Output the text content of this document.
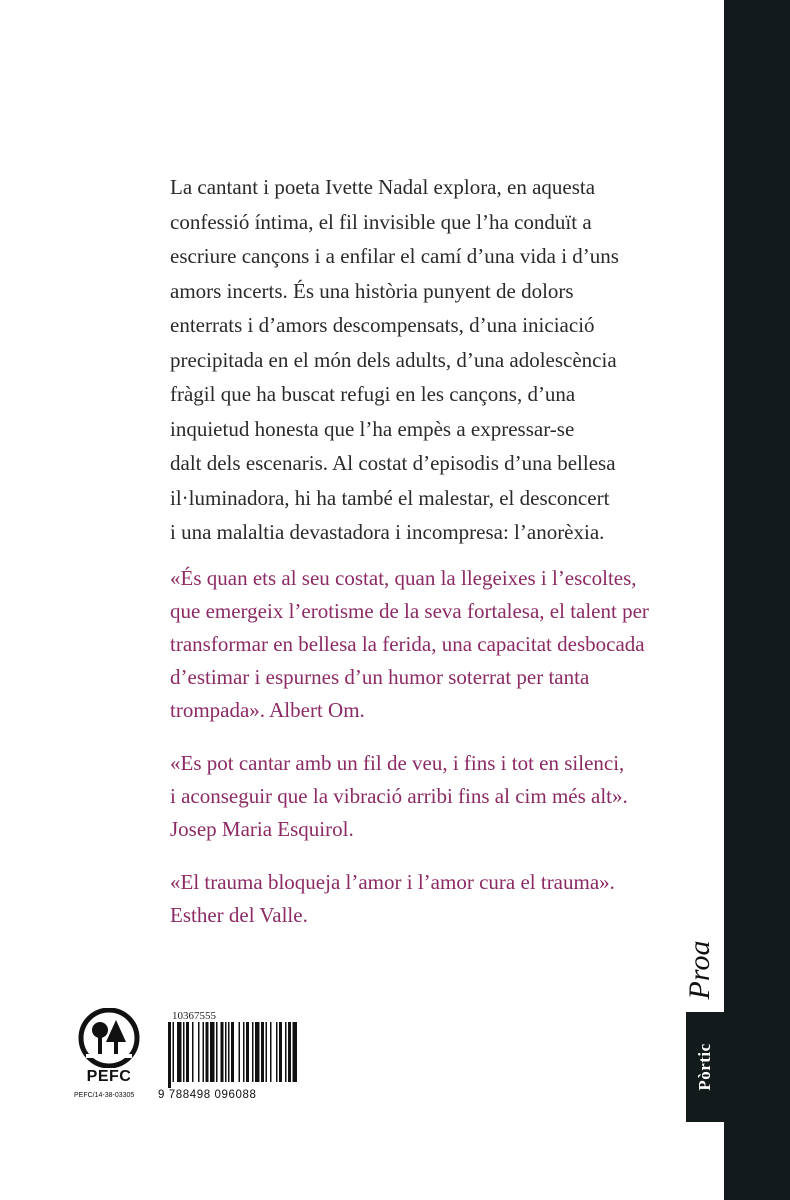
La cantant i poeta Ivette Nadal explora, en aquesta
confessió íntima, el fil invisible que l’ha conduït a
escriure cançons i a enfilar el camí d’una vida i d’uns
amors incerts. És una història punyent de dolors
enterrats i d’amors descompensats, d’una iniciació
precipitada en el món dels adults, d’una adolescència
fràgil que ha buscat refugi en les cançons, d’una
inquietud honesta que l’ha empès a expressar-se
dalt dels escenaris. Al costat d’episodis d’una bellesa
il·luminadora, hi ha també el malestar, el desconcert
i una malaltia devastadora i incompresa: l’anorèxia.

«És quan ets al seu costat, quan la llegeixes i l’escoltes,
que emergeix l’erotisme de la seva fortalesa, el talent per
transformar en bellesa la ferida, una capacitat desbocada
d’estimar i espurnes d’un humor soterrat per tanta
trompada». Albert Om.

«Es pot cantar amb un fil de veu, i fins i tot en silenci,
i aconseguir que la vibració arribi fins al cim més alt».
Josep Maria Esquirol.

«El trauma bloqueja l’amor i l’amor cura el trauma».
Esther del Valle.

PEFC
PEFC/14-38-03305
10367555
9 788498 096088
Proa
Pòrtic
